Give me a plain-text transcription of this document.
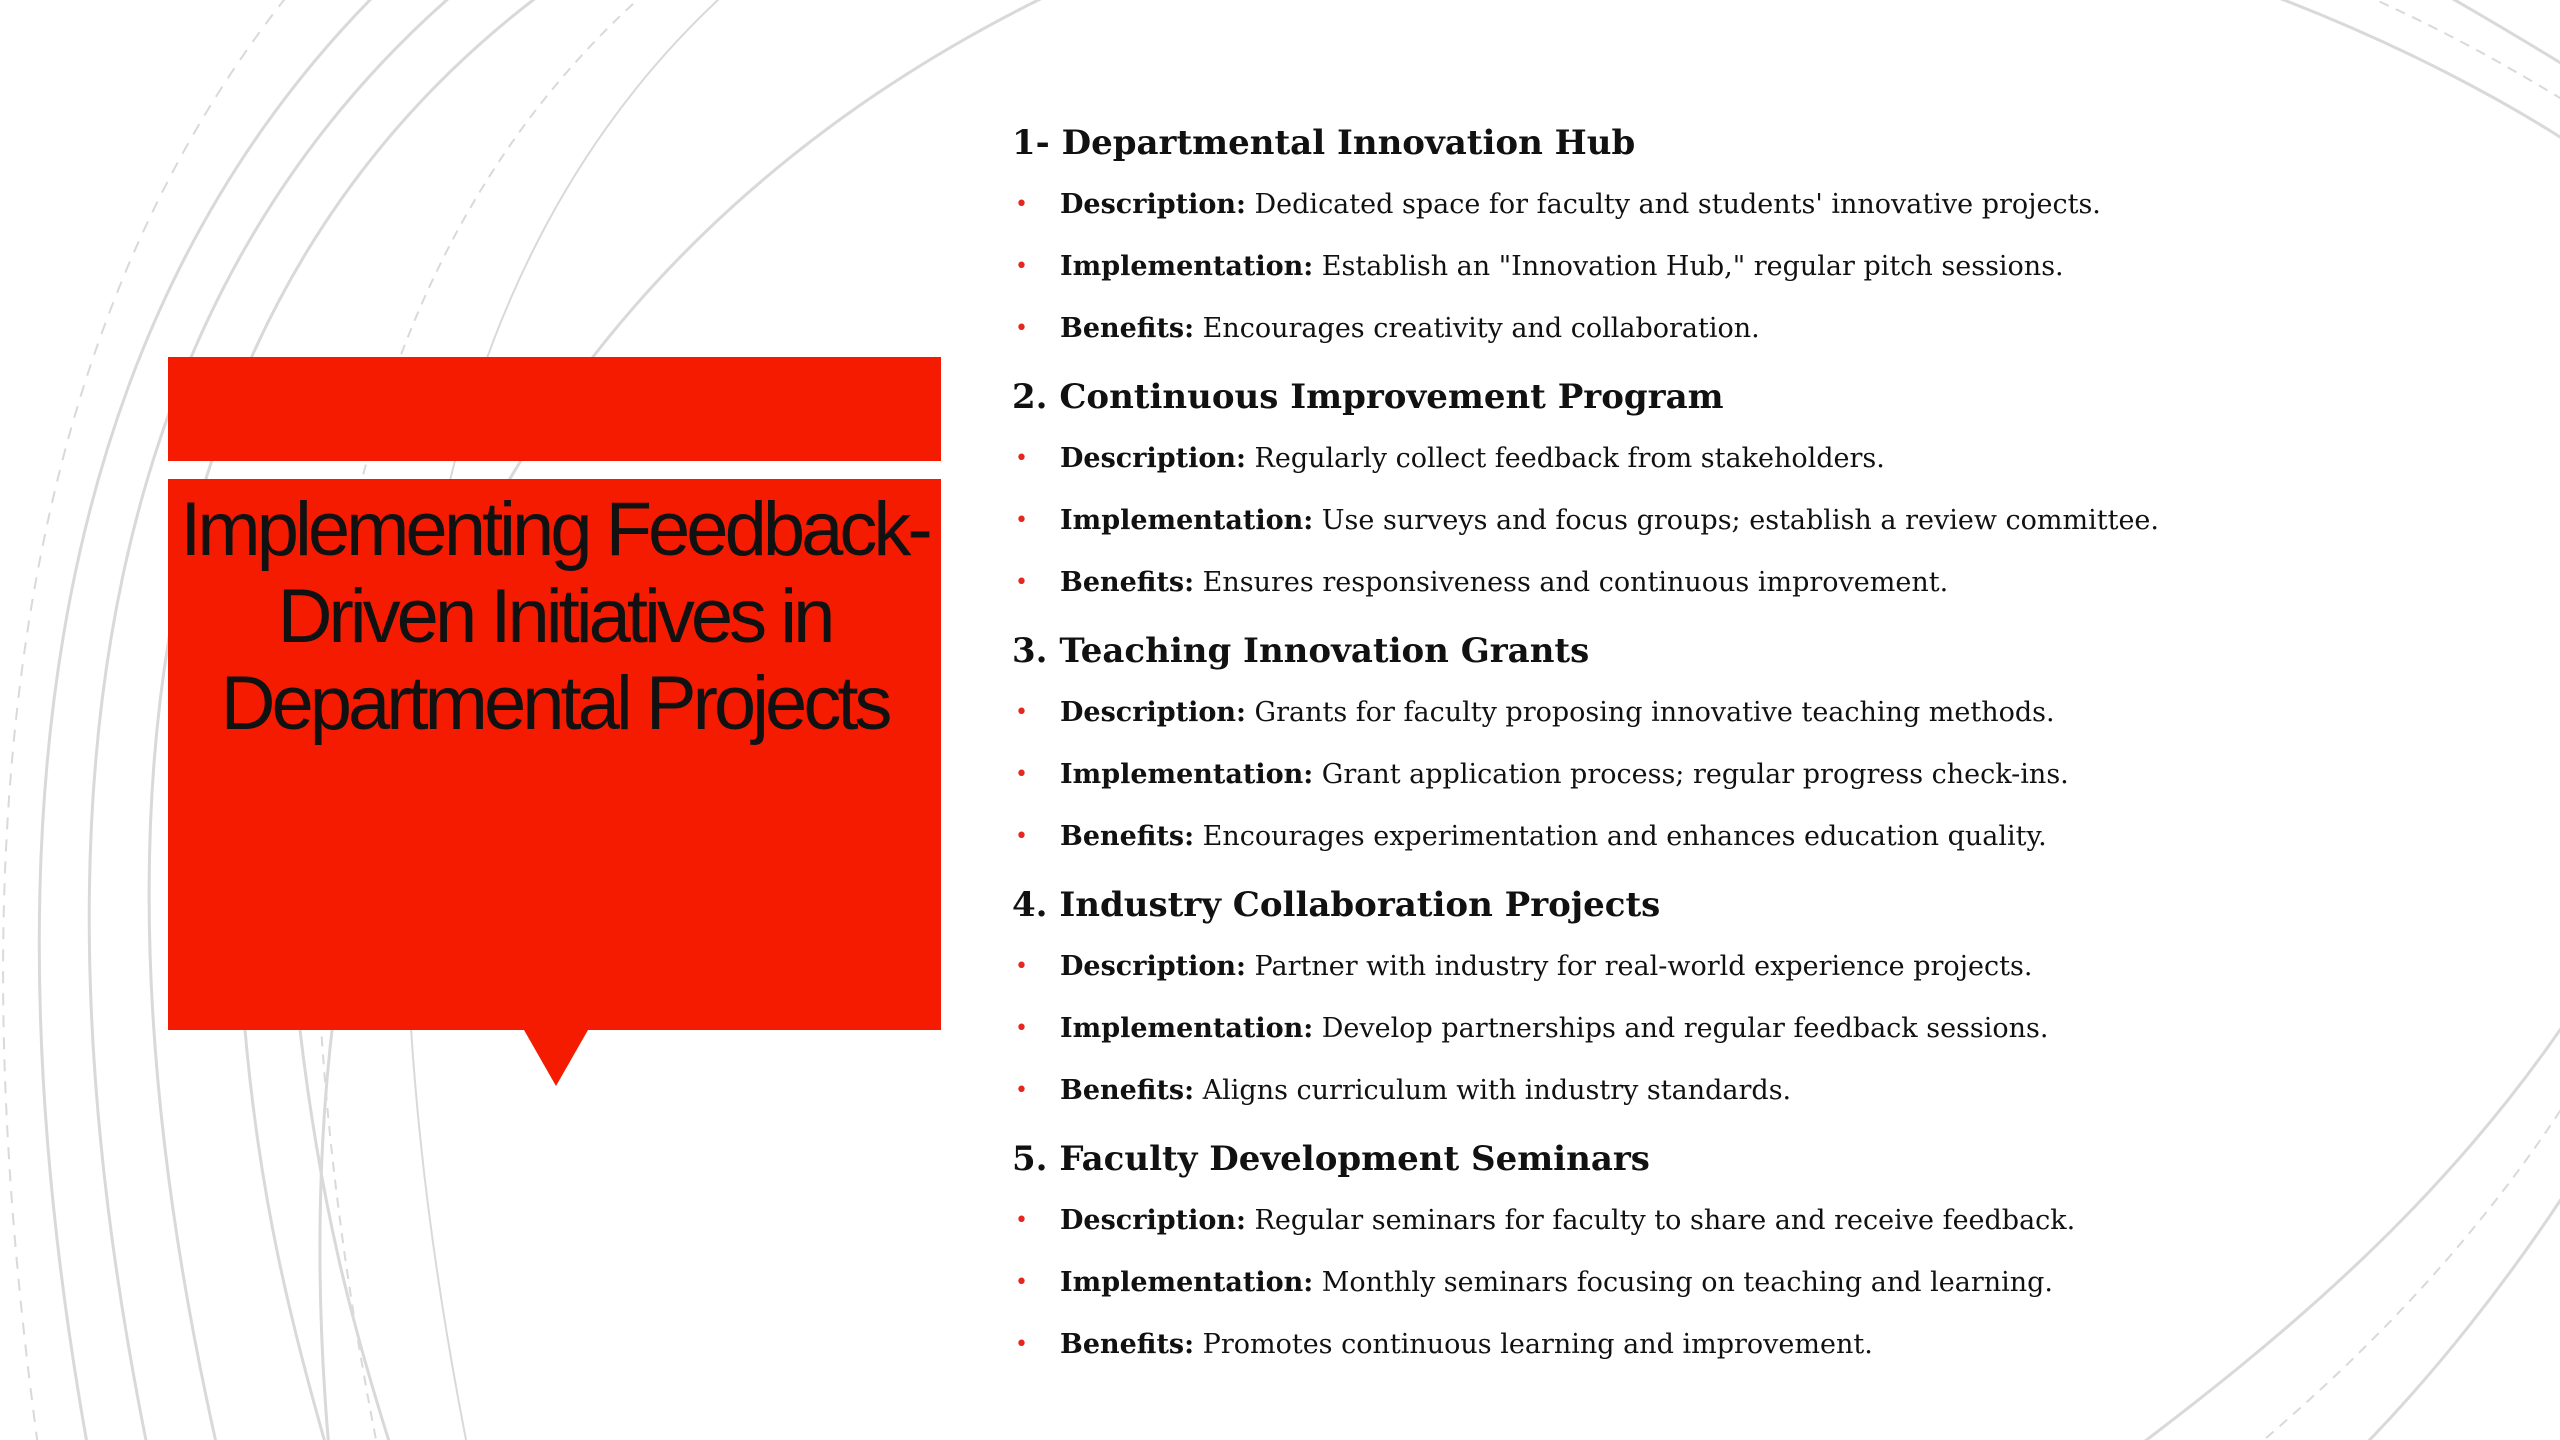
Implementing Feedback-Driven Initiatives in Departmental Projects
1- Departmental Innovation Hub
• Description: Dedicated space for faculty and students' innovative projects.
• Implementation: Establish an "Innovation Hub," regular pitch sessions.
• Benefits: Encourages creativity and collaboration.
2. Continuous Improvement Program
• Description: Regularly collect feedback from stakeholders.
• Implementation: Use surveys and focus groups; establish a review committee.
• Benefits: Ensures responsiveness and continuous improvement.
3. Teaching Innovation Grants
• Description: Grants for faculty proposing innovative teaching methods.
• Implementation: Grant application process; regular progress check-ins.
• Benefits: Encourages experimentation and enhances education quality.
4. Industry Collaboration Projects
• Description: Partner with industry for real-world experience projects.
• Implementation: Develop partnerships and regular feedback sessions.
• Benefits: Aligns curriculum with industry standards.
5. Faculty Development Seminars
• Description: Regular seminars for faculty to share and receive feedback.
• Implementation: Monthly seminars focusing on teaching and learning.
• Benefits: Promotes continuous learning and improvement.
